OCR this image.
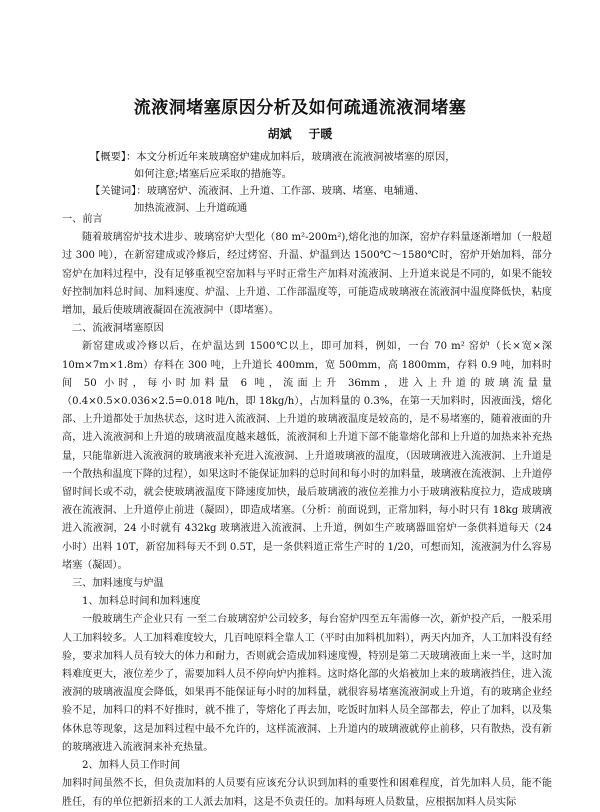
流液洞堵塞原因分析及如何疏通流液洞堵塞
胡斌    于暖
【概要】：本文分析近年来玻璃窑炉建成加料后，玻璃液在流液洞被堵塞的原因，
如何注意;堵塞后应采取的措施等。
【关键词】：玻璃窑炉、流液洞、上升道、工作部、玻璃、堵塞、电辅通、
加热流液洞、上升道疏通
一、前言

随着玻璃窑炉技术进步、玻璃窑炉大型化（80 m²-200m²),熔化池的加深，窑炉存料量逐渐增加（一般超过 300 吨），在新窑建成或冷修后，经过烤窑、升温、炉温到达 1500℃～1580℃时，窑炉开始加料，部分窑炉在加料过程中，没有足够重视空窑加料与平时正常生产加料对流液洞、上升道来说是不同的，如果不能较好控制加料总时间、加料速度、炉温、上升道、工作部温度等，可能造成玻璃液在流液洞中温度降低快，粘度增加，最后使玻璃液凝固在流液洞中（即堵塞）。

二、流液洞堵塞原因

新窑建成或冷修以后，在炉温达到 1500℃以上，即可加料，例如，一台 70 m² 窑炉（长×宽×深　10m×7m×1.8m）存料在 300 吨，上升道长 400mm，宽 500mm，高 1800mm，存料 0.9 吨，加料时间 50 小时，每小时加料量 6 吨，流面上升 36mm，进入上升道的玻璃流量量（0.4×0.5×0.036×2.5=0.018 吨/h，即 18kg/h），占加料量的 0.3%，在第一天加料时，因液面浅，熔化部、上升道都处于加热状态，这时进入流液洞、上升道的玻璃液温度是较高的，是不易堵塞的，随着液面的升高，进入流液洞和上升道的玻璃液温度越来越低，流液洞和上升道下部不能靠熔化部和上升道的加热来补充热量，只能靠新进入流液洞的玻璃液来补充进入流液洞、上升道玻璃液的温度，（因玻璃液进入流液洞、上升道是一个散热和温度下降的过程），如果这时不能保证加料的总时间和每小时的加料量，玻璃液在流液洞、上升道停留时间长或不动，就会使玻璃液温度下降速度加快，最后玻璃液的液位差推力小于玻璃液粘度拉力，造成玻璃液在流液洞、上升道停止前进（凝固），即造成堵塞。（分析：前面说到，正常加料，每小时只有 18kg 玻璃液进入流液洞，24 小时就有 432kg 玻璃液进入流液洞、上升道，例如生产玻璃器皿窑炉一条供料道每天（24 小时）出料 10T，新窑加料每天不到 0.5T，是一条供料道正常生产时的 1/20，可想而知，流液洞为什么容易堵塞（凝固）。

三、加料速度与炉温
1、加料总时间和加料速度

一般玻璃生产企业只有 一至二台玻璃窑炉公司较多，每台窑炉四至五年需修一次，新炉投产后，一般采用人工加料较多。人工加料难度较大，几百吨原料全靠人工（平时由加料机加料），两天内加齐，人工加料没有经验，要求加料人员有较大的体力和耐力，否则就会造成加料速度慢，特别是第二天玻璃液面上来一半，这时加料难度更大，液位差少了，需要加料人员不停向炉内推料。这时烙化部的火焰被加上来的玻璃液挡住，进入流液洞的玻璃液温度会降低，如果再不能保证每小时的加料量，就很容易堵塞流液洞或上升道，有的玻璃企业经验不足，加料口的料不好推时，就不推了，等熔化了再去加，吃饭时加料人员全部都去，停止了加料，以及集体休息等现象，这是加料过程中最不允许的，这样流液洞、上升道内的玻璃液就停止前移，只有散热，没有新的玻璃液进入流液洞来补充热量。

2、加料人员工作时间

加料时间虽然不长，但负责加料的人员要有应该充分认识到加料的重要性和困难程度，首先加料人员，能不能胜任，有的单位把新招来的工人派去加料，这是不负责任的。加料每班人员数量，应根据加料人员实际
